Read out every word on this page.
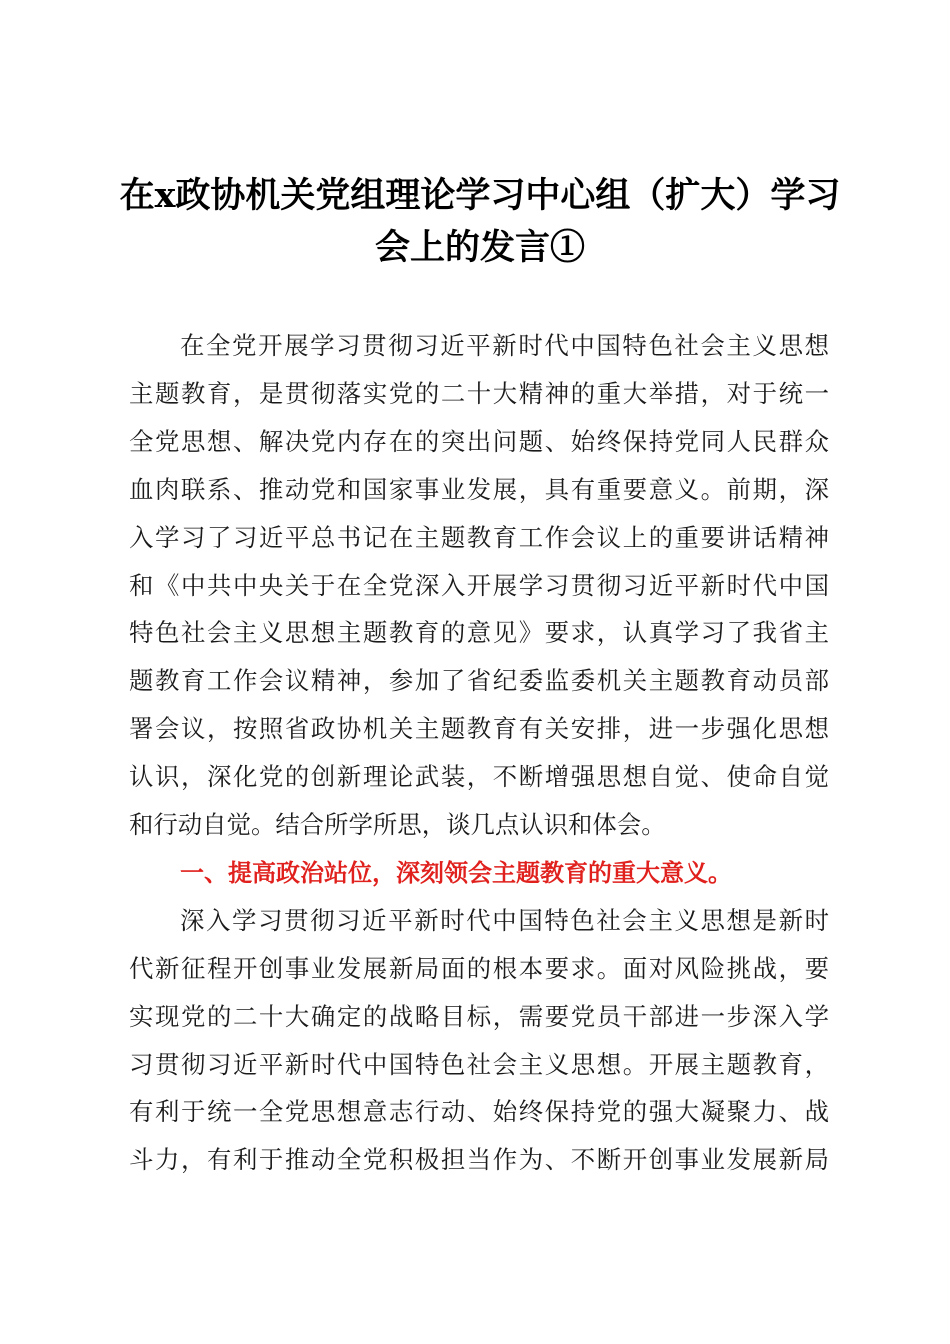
在x政协机关党组理论学习中心组（扩大）学习会上的发言①
在全党开展学习贯彻习近平新时代中国特色社会主义思想
主题教育，是贯彻落实党的二十大精神的重大举措，对于统一
全党思想、解决党内存在的突出问题、始终保持党同人民群众
血肉联系、推动党和国家事业发展，具有重要意义。前期，深
入学习了习近平总书记在主题教育工作会议上的重要讲话精神
和《中共中央关于在全党深入开展学习贯彻习近平新时代中国
特色社会主义思想主题教育的意见》要求，认真学习了我省主
题教育工作会议精神，参加了省纪委监委机关主题教育动员部
署会议，按照省政协机关主题教育有关安排，进一步强化思想
认识，深化党的创新理论武装，不断增强思想自觉、使命自觉
和行动自觉。结合所学所思，谈几点认识和体会。
一、提高政治站位，深刻领会主题教育的重大意义。
深入学习贯彻习近平新时代中国特色社会主义思想是新时
代新征程开创事业发展新局面的根本要求。面对风险挑战，要
实现党的二十大确定的战略目标，需要党员干部进一步深入学
习贯彻习近平新时代中国特色社会主义思想。开展主题教育，
有利于统一全党思想意志行动、始终保持党的强大凝聚力、战
斗力，有利于推动全党积极担当作为、不断开创事业发展新局
